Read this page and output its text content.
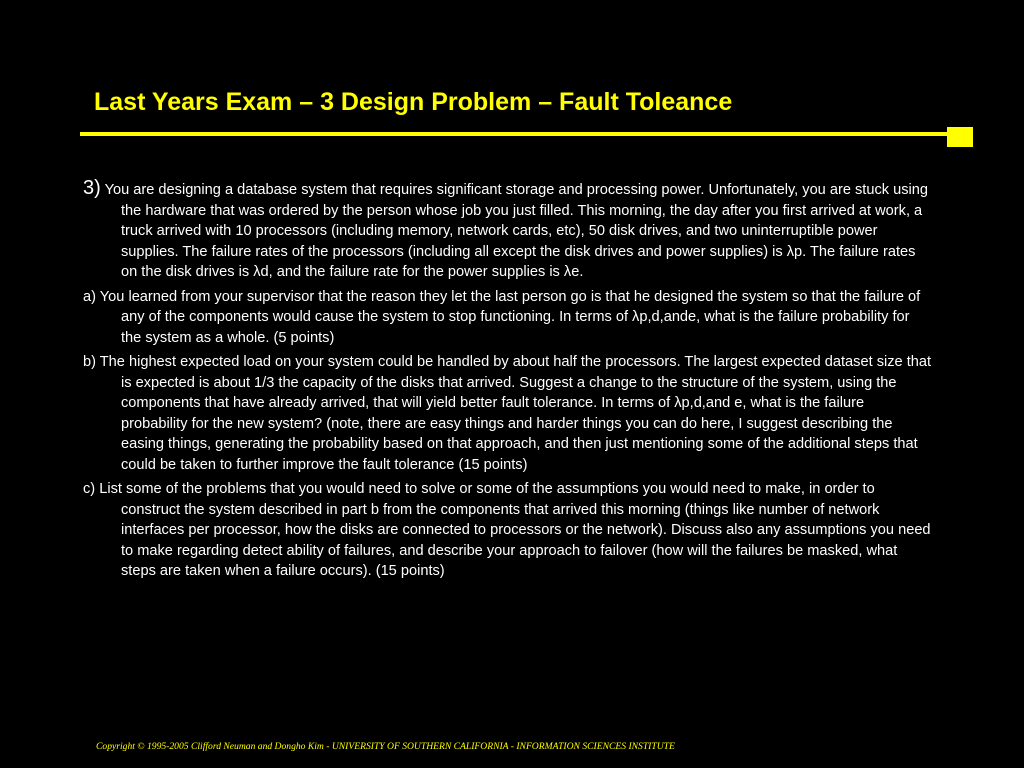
Last Years Exam – 3 Design Problem – Fault Toleance

3) You are designing a database system that requires significant storage and processing power. Unfortunately, you are stuck using the hardware that was ordered by the person whose job you just filled. This morning, the day after you first arrived at work, a truck arrived with 10 processors (including memory, network cards, etc), 50 disk drives, and two uninterruptible power supplies. The failure rates of the processors (including all except the disk drives and power supplies) is λp. The failure rates on the disk drives is λd, and the failure rate for the power supplies is λe.

a) You learned from your supervisor that the reason they let the last person go is that he designed the system so that the failure of any of the components would cause the system to stop functioning. In terms of λp,d,ande, what is the failure probability for the system as a whole. (5 points)

b) The highest expected load on your system could be handled by about half the processors. The largest expected dataset size that is expected is about 1/3 the capacity of the disks that arrived. Suggest a change to the structure of the system, using the components that have already arrived, that will yield better fault tolerance. In terms of λp,d,and e, what is the failure probability for the new system? (note, there are easy things and harder things you can do here, I suggest describing the easing things, generating the probability based on that approach, and then just mentioning some of the additional steps that could be taken to further improve the fault tolerance (15 points)

c) List some of the problems that you would need to solve or some of the assumptions you would need to make, in order to construct the system described in part b from the components that arrived this morning (things like number of network interfaces per processor, how the disks are connected to processors or the network). Discuss also any assumptions you need to make regarding detect ability of failures, and describe your approach to failover (how will the failures be masked, what steps are taken when a failure occurs). (15 points)

Copyright © 1995-2005 Clifford Neuman and Dongho Kim - UNIVERSITY OF SOUTHERN CALIFORNIA - INFORMATION SCIENCES INSTITUTE
